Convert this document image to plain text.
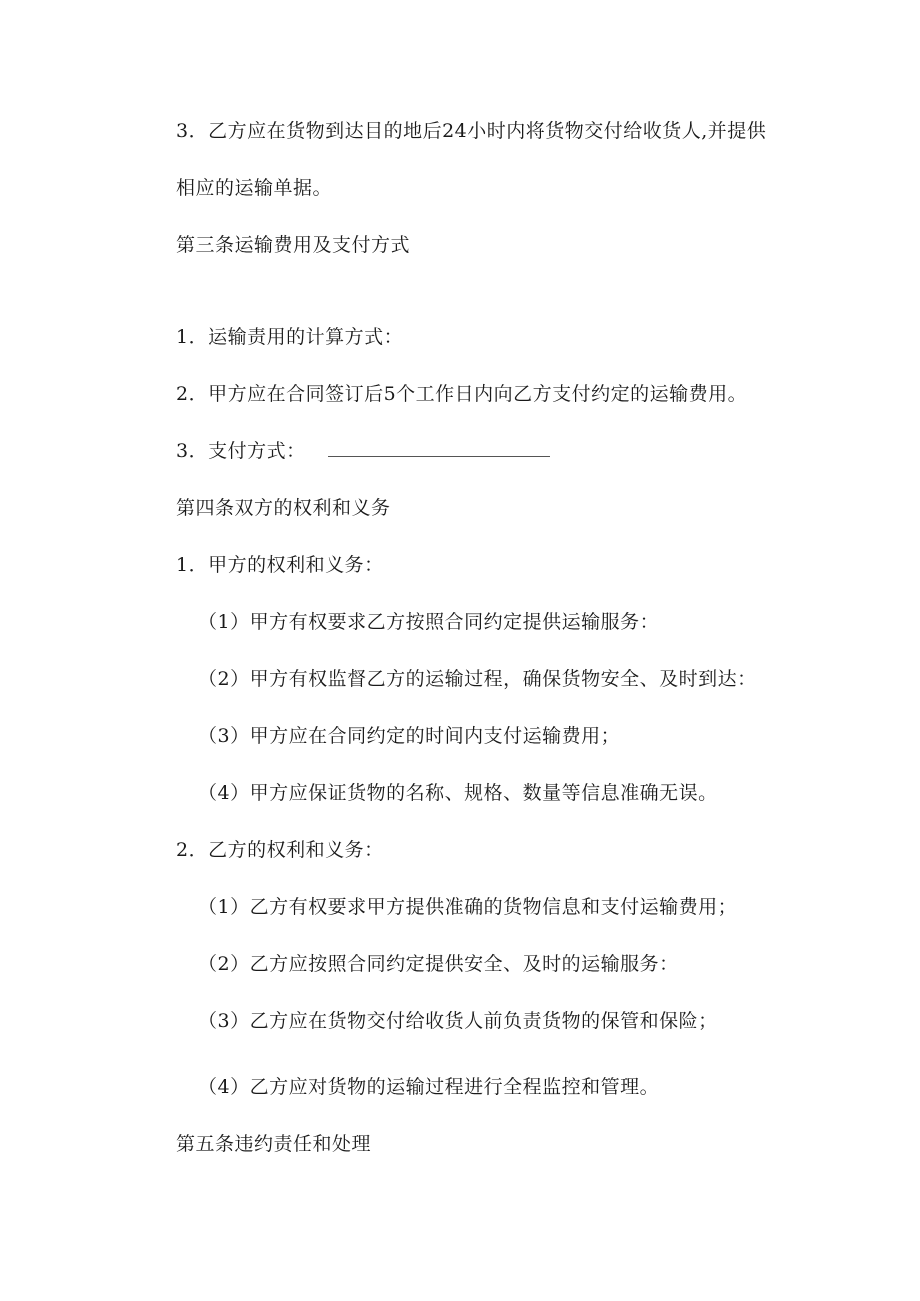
3．乙方应在货物到达目的地后24小时内将货物交付给收货人,并提供
相应的运输单据。
第三条运输费用及支付方式
1．运输责用的计算方式：
2．甲方应在合同签订后5个工作日内向乙方支付约定的运输费用。
3．支付方式：
第四条双方的权利和义务
1．甲方的权利和义务：
（1）甲方有权要求乙方按照合同约定提供运输服务：
（2）甲方有权监督乙方的运输过程，确保货物安全、及时到达：
（3）甲方应在合同约定的时间内支付运输费用；
（4）甲方应保证货物的名称、规格、数量等信息准确无误。
2．乙方的权利和义务：
（1）乙方有权要求甲方提供准确的货物信息和支付运输费用；
（2）乙方应按照合同约定提供安全、及时的运输服务：
（3）乙方应在货物交付给收货人前负责货物的保管和保险；
（4）乙方应对货物的运输过程进行全程监控和管理。
第五条违约责任和处理
